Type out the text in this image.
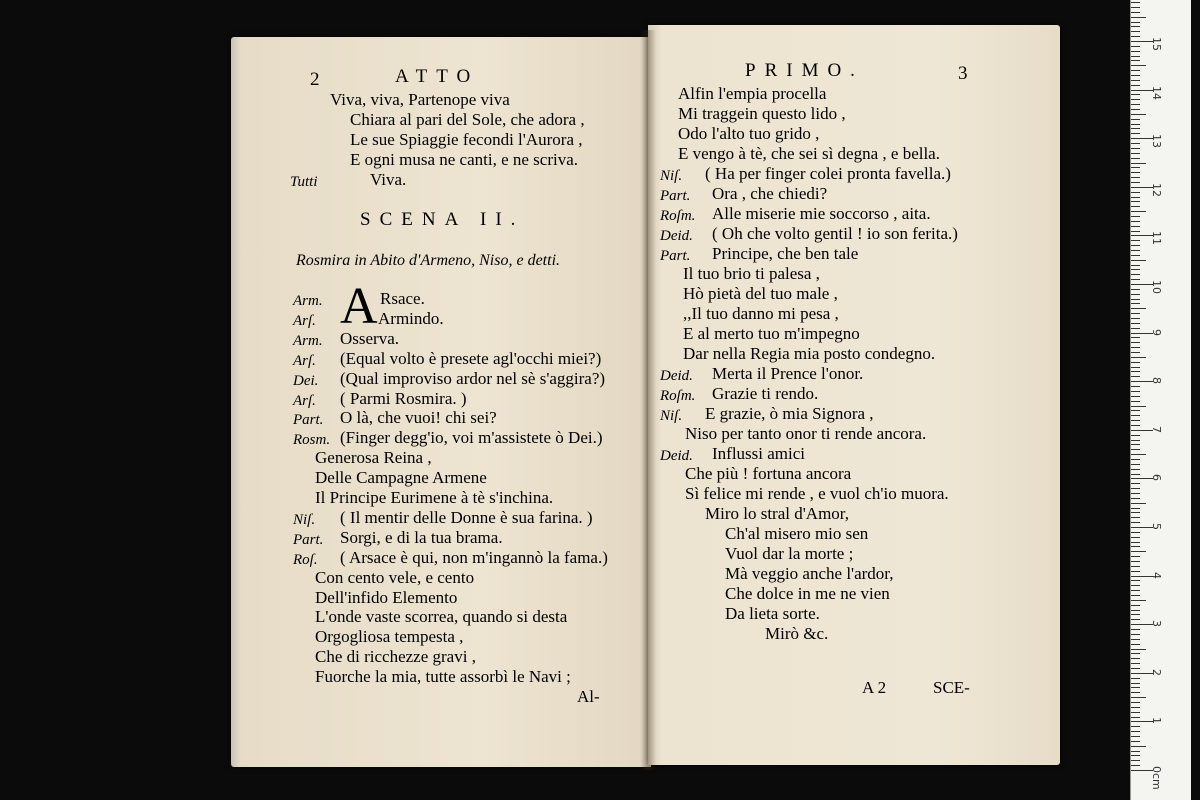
2	ATTO
Viva, viva, Partenope viva
Chiara al pari del Sole, che adora ,
Le sue Spiaggie fecondi l'Aurora ,
E ogni musa ne canti, e ne scriva.
Tutti	Viva.
SCENA II.
Rosmira in Abito d'Armeno, Niso, e detti.
A
Arm.	Rsace.
Arſ.	Armindo.
Arm. Osserva.
Arſ. (Equal volto è presete agl'occhi miei?)
Dei. (Qual improviso ardor nel sè s'aggira?)
Arſ. ( Parmi Rosmira. )
Part. O là, che vuoi! chi sei?
Rosm. (Finger degg'io, voi m'assistete ò Dei.)
Generosa Reina ,
Delle Campagne Armene
Il Principe Eurimene à tè s'inchina.
Niſ. ( Il mentir delle Donne è sua farina. )
Part. Sorgi, e di la tua brama.
Roſ. ( Arsace è qui, non m'ingannò la fama.)
Con cento vele, e cento
Dell'infido Elemento
L'onde vaste scorrea, quando si desta
Orgogliosa tempesta ,
Che di ricchezze gravi ,
Fuorche la mia, tutte assorbì le Navi ;
Al-
PRIMO.	3
Alfin l'empia procella
Mi traggein questo lido ,
Odo l'alto tuo grido ,
E vengo à tè, che sei sì degna , e bella.
Niſ. ( Ha per finger colei pronta favella.)
Part. Ora , che chiedi?
Roſm. Alle miserie mie soccorso , aita.
Deid. ( Oh che volto gentil ! io son ferita.)
Part. Principe, che ben tale
Il tuo brio ti palesa ,
Hò pietà del tuo male ,
,,Il tuo danno mi pesa ,
E al merto tuo m'impegno
Dar nella Regia mia posto condegno.
Deid. Merta il Prence l'onor.
Roſm. Grazie ti rendo.
Niſ. E grazie, ò mia Signora ,
Niso per tanto onor ti rende ancora.
Deid. Influssi amici
Che più ! fortuna ancora
Sì felice mi rende , e vuol ch'io muora.
Miro lo stral d'Amor,
Ch'al misero mio sen
Vuol dar la morte ;
Mà veggio anche l'ardor,
Che dolce in me ne vien
Da lieta sorte.
Mirò &c.
A 2	SCE-
0cm
1
2
3
4
5
6
7
8
9
10
11
12
13
14
15
